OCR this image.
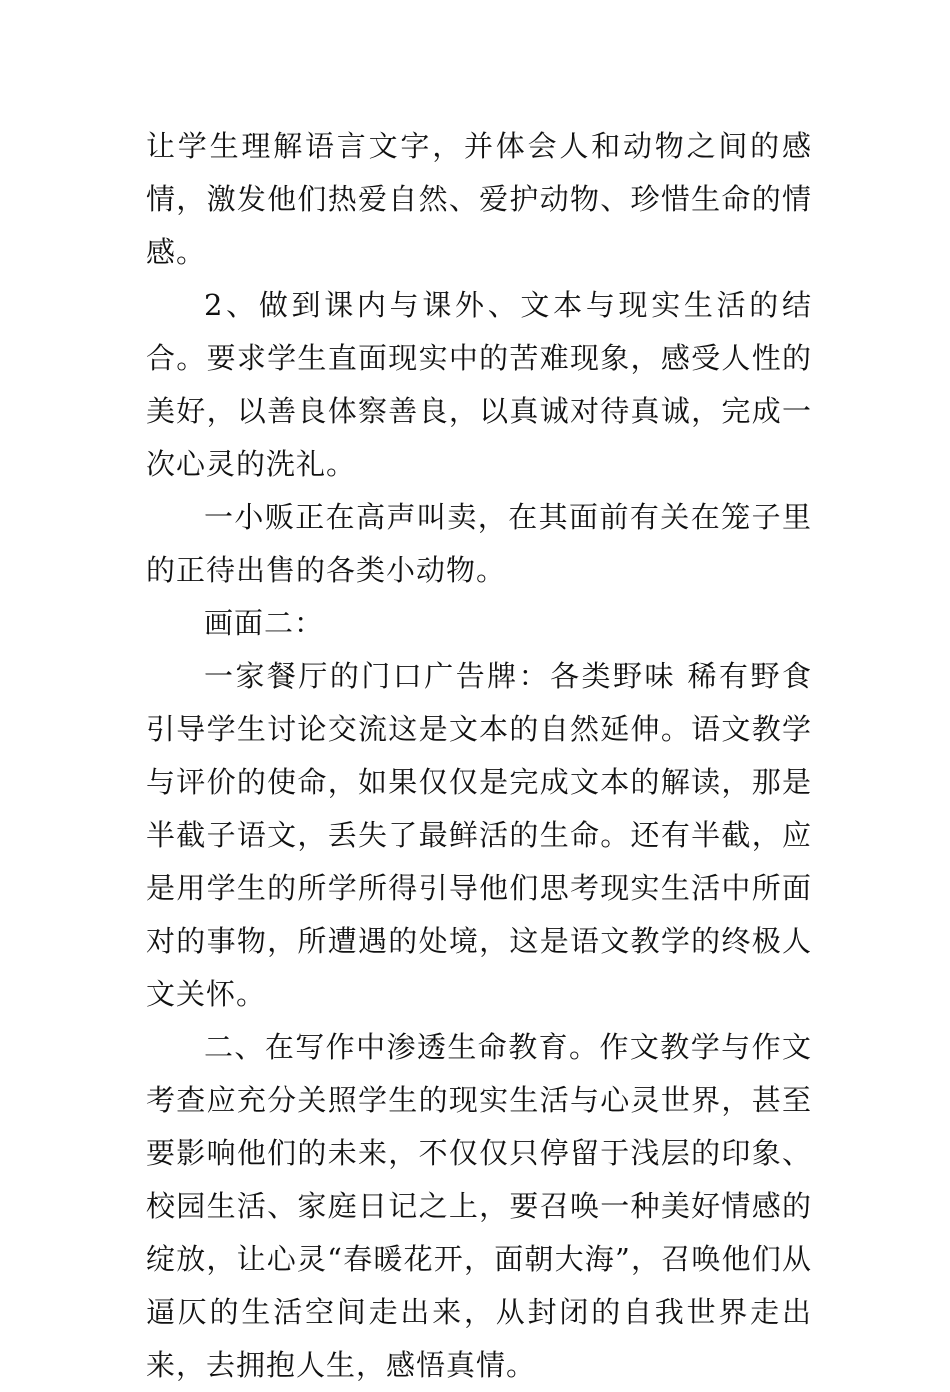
让学生理解语言文字，并体会人和动物之间的感情，激发他们热爱自然、爱护动物、珍惜生命的情感。

2、做到课内与课外、文本与现实生活的结合。要求学生直面现实中的苦难现象，感受人性的美好，以善良体察善良，以真诚对待真诚，完成一次心灵的洗礼。

一小贩正在高声叫卖，在其面前有关在笼子里的正待出售的各类小动物。

画面二：

一家餐厅的门口广告牌：各类野味 稀有野食引导学生讨论交流这是文本的自然延伸。语文教学与评价的使命，如果仅仅是完成文本的解读，那是半截子语文，丢失了最鲜活的生命。还有半截，应是用学生的所学所得引导他们思考现实生活中所面对的事物，所遭遇的处境，这是语文教学的终极人文关怀。

二、在写作中渗透生命教育。作文教学与作文考查应充分关照学生的现实生活与心灵世界，甚至要影响他们的未来，不仅仅只停留于浅层的印象、校园生活、家庭日记之上，要召唤一种美好情感的绽放，让心灵“春暖花开，面朝大海”，召唤他们从逼仄的生活空间走出来，从封闭的自我世界走出来，去拥抱人生，感悟真情。
